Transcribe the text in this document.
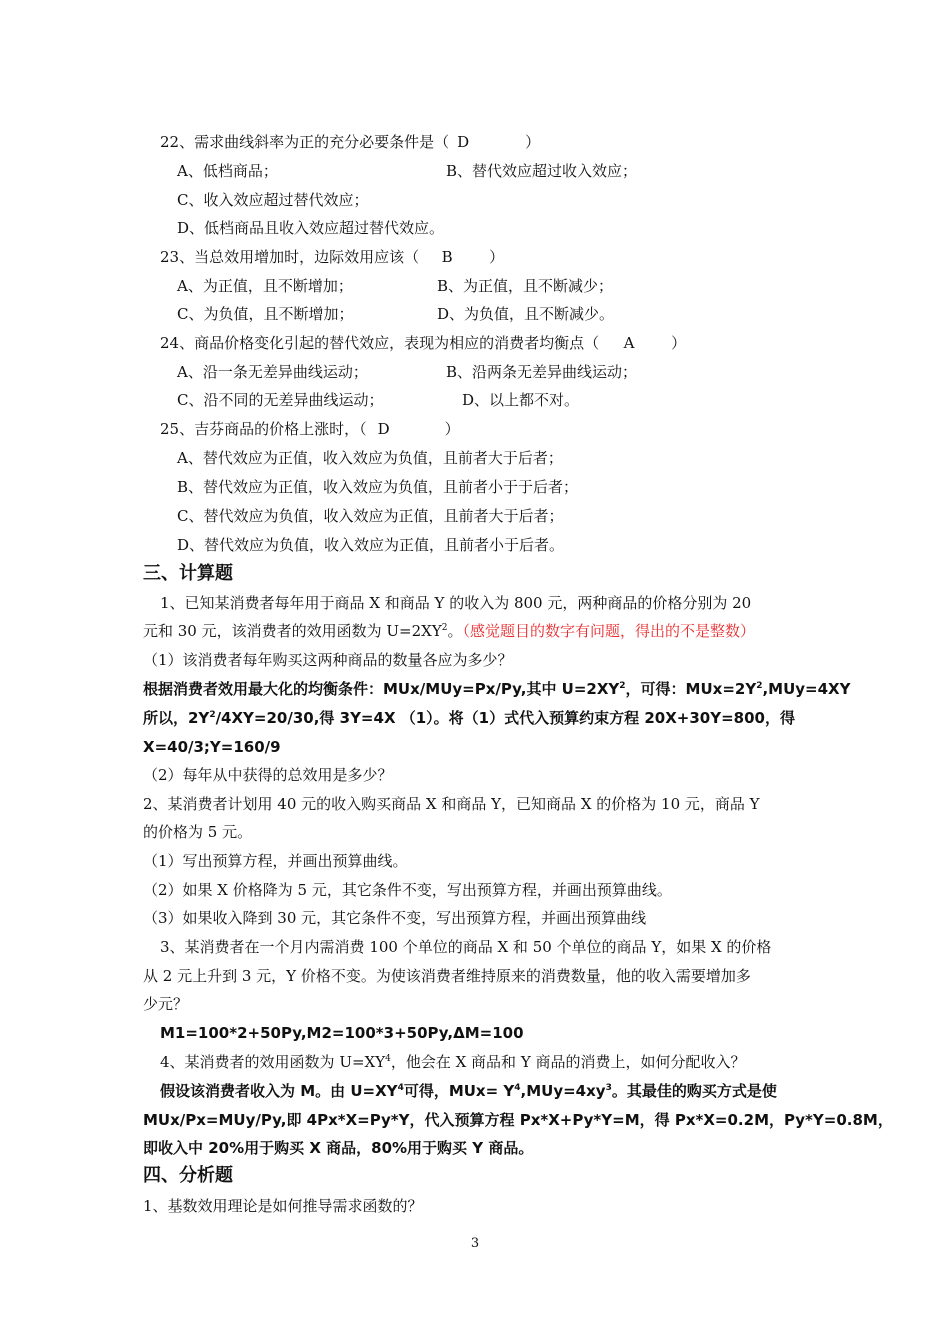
22、需求曲线斜率为正的充分必要条件是（ D	）
A、低档商品；	B、替代效应超过收入效应；
C、收入效应超过替代效应；
D、低档商品且收入效应超过替代效应。
23、当总效用增加时，边际效用应该（ B ）
A、为正值，且不断增加；	B、为正值，且不断减少；
C、为负值，且不断增加；	D、为负值，且不断减少。
24、商品价格变化引起的替代效应，表现为相应的消费者均衡点（ A ）
A、沿一条无差异曲线运动；	B、沿两条无差异曲线运动；
C、沿不同的无差异曲线运动；	D、以上都不对。
25、吉芬商品的价格上涨时，（ D	）
A、替代效应为正值，收入效应为负值，且前者大于后者；
B、替代效应为正值，收入效应为负值，且前者小于于后者；
C、替代效应为负值，收入效应为正值，且前者大于后者；
D、替代效应为负值，收入效应为正值，且前者小于后者。
三、计算题
1、已知某消费者每年用于商品 X 和商品 Y 的收入为 800 元，两种商品的价格分别为 20
元和 30 元，该消费者的效用函数为 $U=2XY^2$。（感觉题目的数字有问题，得出的不是整数）
（1）该消费者每年购买这两种商品的数量各应为多少？
根据消费者效用最大化的均衡条件：MUx/MUy=Px/Py,其中 $U=2XY^2$，可得：$MUx=2Y^2,MUy=4XY$
所以，$2Y^2/4XY=20/30$,得 3Y=4X （1）。将（1）式代入预算约束方程 20X+30Y=800，得
X=40/3;Y=160/9
（2）每年从中获得的总效用是多少？
2、某消费者计划用 40 元的收入购买商品 X 和商品 Y，已知商品 X 的价格为 10 元，商品 Y
的价格为 5 元。
（1）写出预算方程，并画出预算曲线。
（2）如果 X 价格降为 5 元，其它条件不变，写出预算方程，并画出预算曲线。
（3）如果收入降到 30 元，其它条件不变，写出预算方程，并画出预算曲线
3、某消费者在一个月内需消费 100 个单位的商品 X 和 50 个单位的商品 Y，如果 X 的价格
从 2 元上升到 3 元，Y 价格不变。为使该消费者维持原来的消费数量，他的收入需要增加多
少元？
M1=100*2+50Py,M2=100*3+50Py,ΔM=100
4、某消费者的效用函数为 $U=XY^4$，他会在 X 商品和 Y 商品的消费上，如何分配收入？
假设该消费者收入为 M。由 $U=XY^4$可得，$MUx= Y^4,MUy=4xy^3$。其最佳的购买方式是使
MUx/Px=MUy/Py,即 4Px*X=Py*Y，代入预算方程 Px*X+Py*Y=M，得 Px*X=0.2M，Py*Y=0.8M，
即收入中 20%用于购买 X 商品，80%用于购买 Y 商品。
四、分析题
1、基数效用理论是如何推导需求函数的？
3
